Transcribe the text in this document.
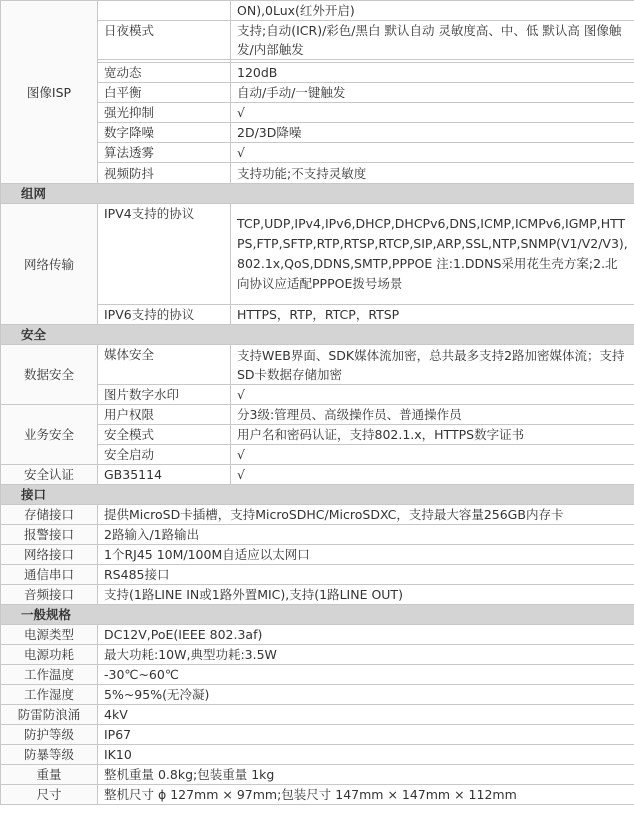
图像ISP		ON),0Lux(红外开启)
	日夜模式	支持;自动(ICR)/彩色/黑白 默认自动 灵敏度高、中、低 默认高 图像触发/内部触发

	宽动态	120dB
	白平衡	自动/手动/一键触发
	强光抑制	√
	数字降噪	2D/3D降噪
	算法透雾	√
	视频防抖	支持功能;不支持灵敏度
组网		
网络传输	IPV4支持的协议	TCP,UDP,IPv4,IPv6,DHCP,DHCPv6,DNS,ICMP,ICMPv6,IGMP,HTTPS,FTP,SFTP,RTP,RTSP,RTCP,SIP,ARP,SSL,NTP,SNMP(V1/V2/V3),802.1x,QoS,DDNS,SMTP,PPPOE 注:1.DDNS采用花生壳方案;2.北向协议应适配PPPOE拨号场景
	IPV6支持的协议	HTTPS，RTP，RTCP，RTSP
安全		
数据安全	媒体安全	支持WEB界面、SDK媒体流加密，总共最多支持2路加密媒体流；支持SD卡数据存储加密
	图片数字水印	√
业务安全	用户权限	分3级:管理员、高级操作员、普通操作员
	安全模式	用户名和密码认证，支持802.1.x，HTTPS数字证书
	安全启动	√
安全认证	GB35114	√
接口		
存储接口	提供MicroSD卡插槽，支持MicroSDHC/MicroSDXC，支持最大容量256GB内存卡	
报警接口	2路输入/1路输出	
网络接口	1个RJ45 10M/100M自适应以太网口	
通信串口	RS485接口	
音频接口	支持(1路LINE IN或1路外置MIC),支持(1路LINE OUT)	
一般规格		
电源类型	DC12V,PoE(IEEE 802.3af)	
电源功耗	最大功耗:10W,典型功耗:3.5W	
工作温度	-30℃~60℃	
工作湿度	5%~95%(无冷凝)	
防雷防浪涌	4kV	
防护等级	IP67	
防暴等级	IK10	
重量	整机重量 0.8kg;包装重量 1kg	
尺寸	整机尺寸 ϕ 127mm × 97mm;包装尺寸 147mm × 147mm × 112mm	
